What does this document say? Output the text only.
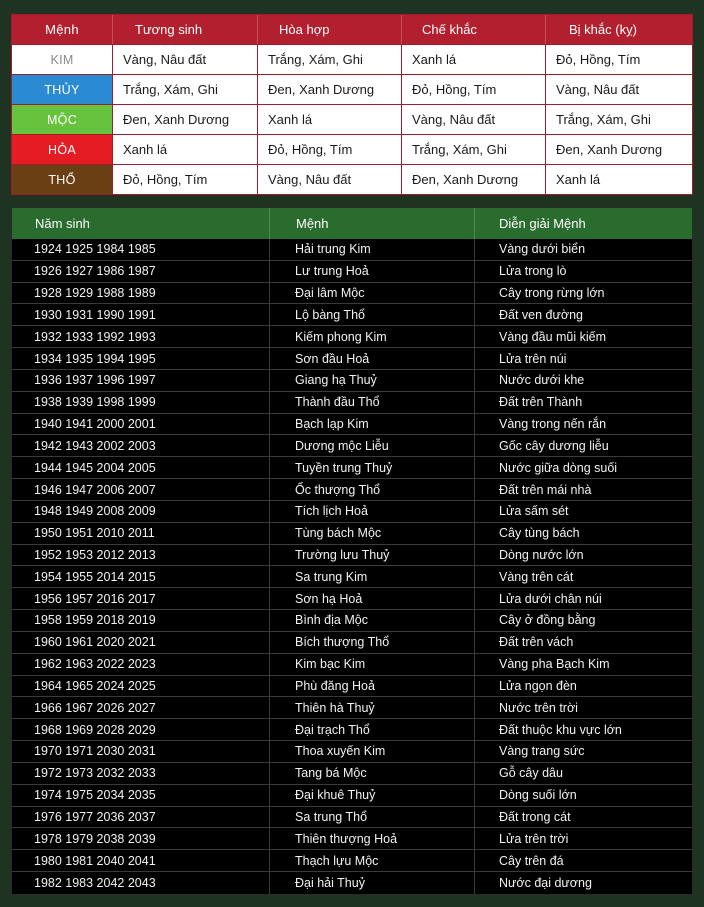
Mệnh	Tương sinh	Hòa hợp	Chế khắc	Bị khắc (kỵ)
KIM	Vàng, Nâu đất	Trắng, Xám, Ghi	Xanh lá	Đỏ, Hồng, Tím
THỦY	Trắng, Xám, Ghi	Đen, Xanh Dương	Đỏ, Hồng, Tím	Vàng, Nâu đất
MỘC	Đen, Xanh Dương	Xanh lá	Vàng, Nâu đất	Trắng, Xám, Ghi
HỎA	Xanh lá	Đỏ, Hồng, Tím	Trắng, Xám, Ghi	Đen, Xanh Dương
THỔ	Đỏ, Hồng, Tím	Vàng, Nâu đất	Đen, Xanh Dương	Xanh lá
Năm sinh	Mệnh	Diễn giải Mệnh
1924 1925 1984 1985	Hải trung Kim	Vàng dưới biển
1926 1927 1986 1987	Lư trung Hoả	Lửa trong lò
1928 1929 1988 1989	Đại lâm Mộc	Cây trong rừng lớn
1930 1931 1990 1991	Lộ bàng Thổ	Đất ven đường
1932 1933 1992 1993	Kiếm phong Kim	Vàng đầu mũi kiếm
1934 1935 1994 1995	Sơn đầu Hoả	Lửa trên núi
1936 1937 1996 1997	Giang hạ Thuỷ	Nước dưới khe
1938 1939 1998 1999	Thành đầu Thổ	Đất trên Thành
1940 1941 2000 2001	Bạch lạp Kim	Vàng trong nến rắn
1942 1943 2002 2003	Dương mộc Liễu	Gốc cây dương liễu
1944 1945 2004 2005	Tuyền trung Thuỷ	Nước giữa dòng suối
1946 1947 2006 2007	Ốc thượng Thổ	Đất trên mái nhà
1948 1949 2008 2009	Tích lịch Hoả	Lửa sấm sét
1950 1951 2010 2011	Tùng bách Mộc	Cây tùng bách
1952 1953 2012 2013	Trường lưu Thuỷ	Dòng nước lớn
1954 1955 2014 2015	Sa trung Kim	Vàng trên cát
1956 1957 2016 2017	Sơn hạ Hoả	Lửa dưới chân núi
1958 1959 2018 2019	Bình địa Mộc	Cây ở đồng bằng
1960 1961 2020 2021	Bích thượng Thổ	Đất trên vách
1962 1963 2022 2023	Kim bạc Kim	Vàng pha Bạch Kim
1964 1965 2024 2025	Phù đăng Hoả	Lửa ngọn đèn
1966 1967 2026 2027	Thiên hà Thuỷ	Nước trên trời
1968 1969 2028 2029	Đại trạch Thổ	Đất thuộc khu vực lớn
1970 1971 2030 2031	Thoa xuyến Kim	Vàng trang sức
1972 1973 2032 2033	Tang bá Mộc	Gỗ cây dâu
1974 1975 2034 2035	Đại khuê Thuỷ	Dòng suối lớn
1976 1977 2036 2037	Sa trung Thổ	Đất trong cát
1978 1979 2038 2039	Thiên thượng Hoả	Lửa trên trời
1980 1981 2040 2041	Thạch lựu Mộc	Cây trên đá
1982 1983 2042 2043	Đại hải Thuỷ	Nước đại dương
